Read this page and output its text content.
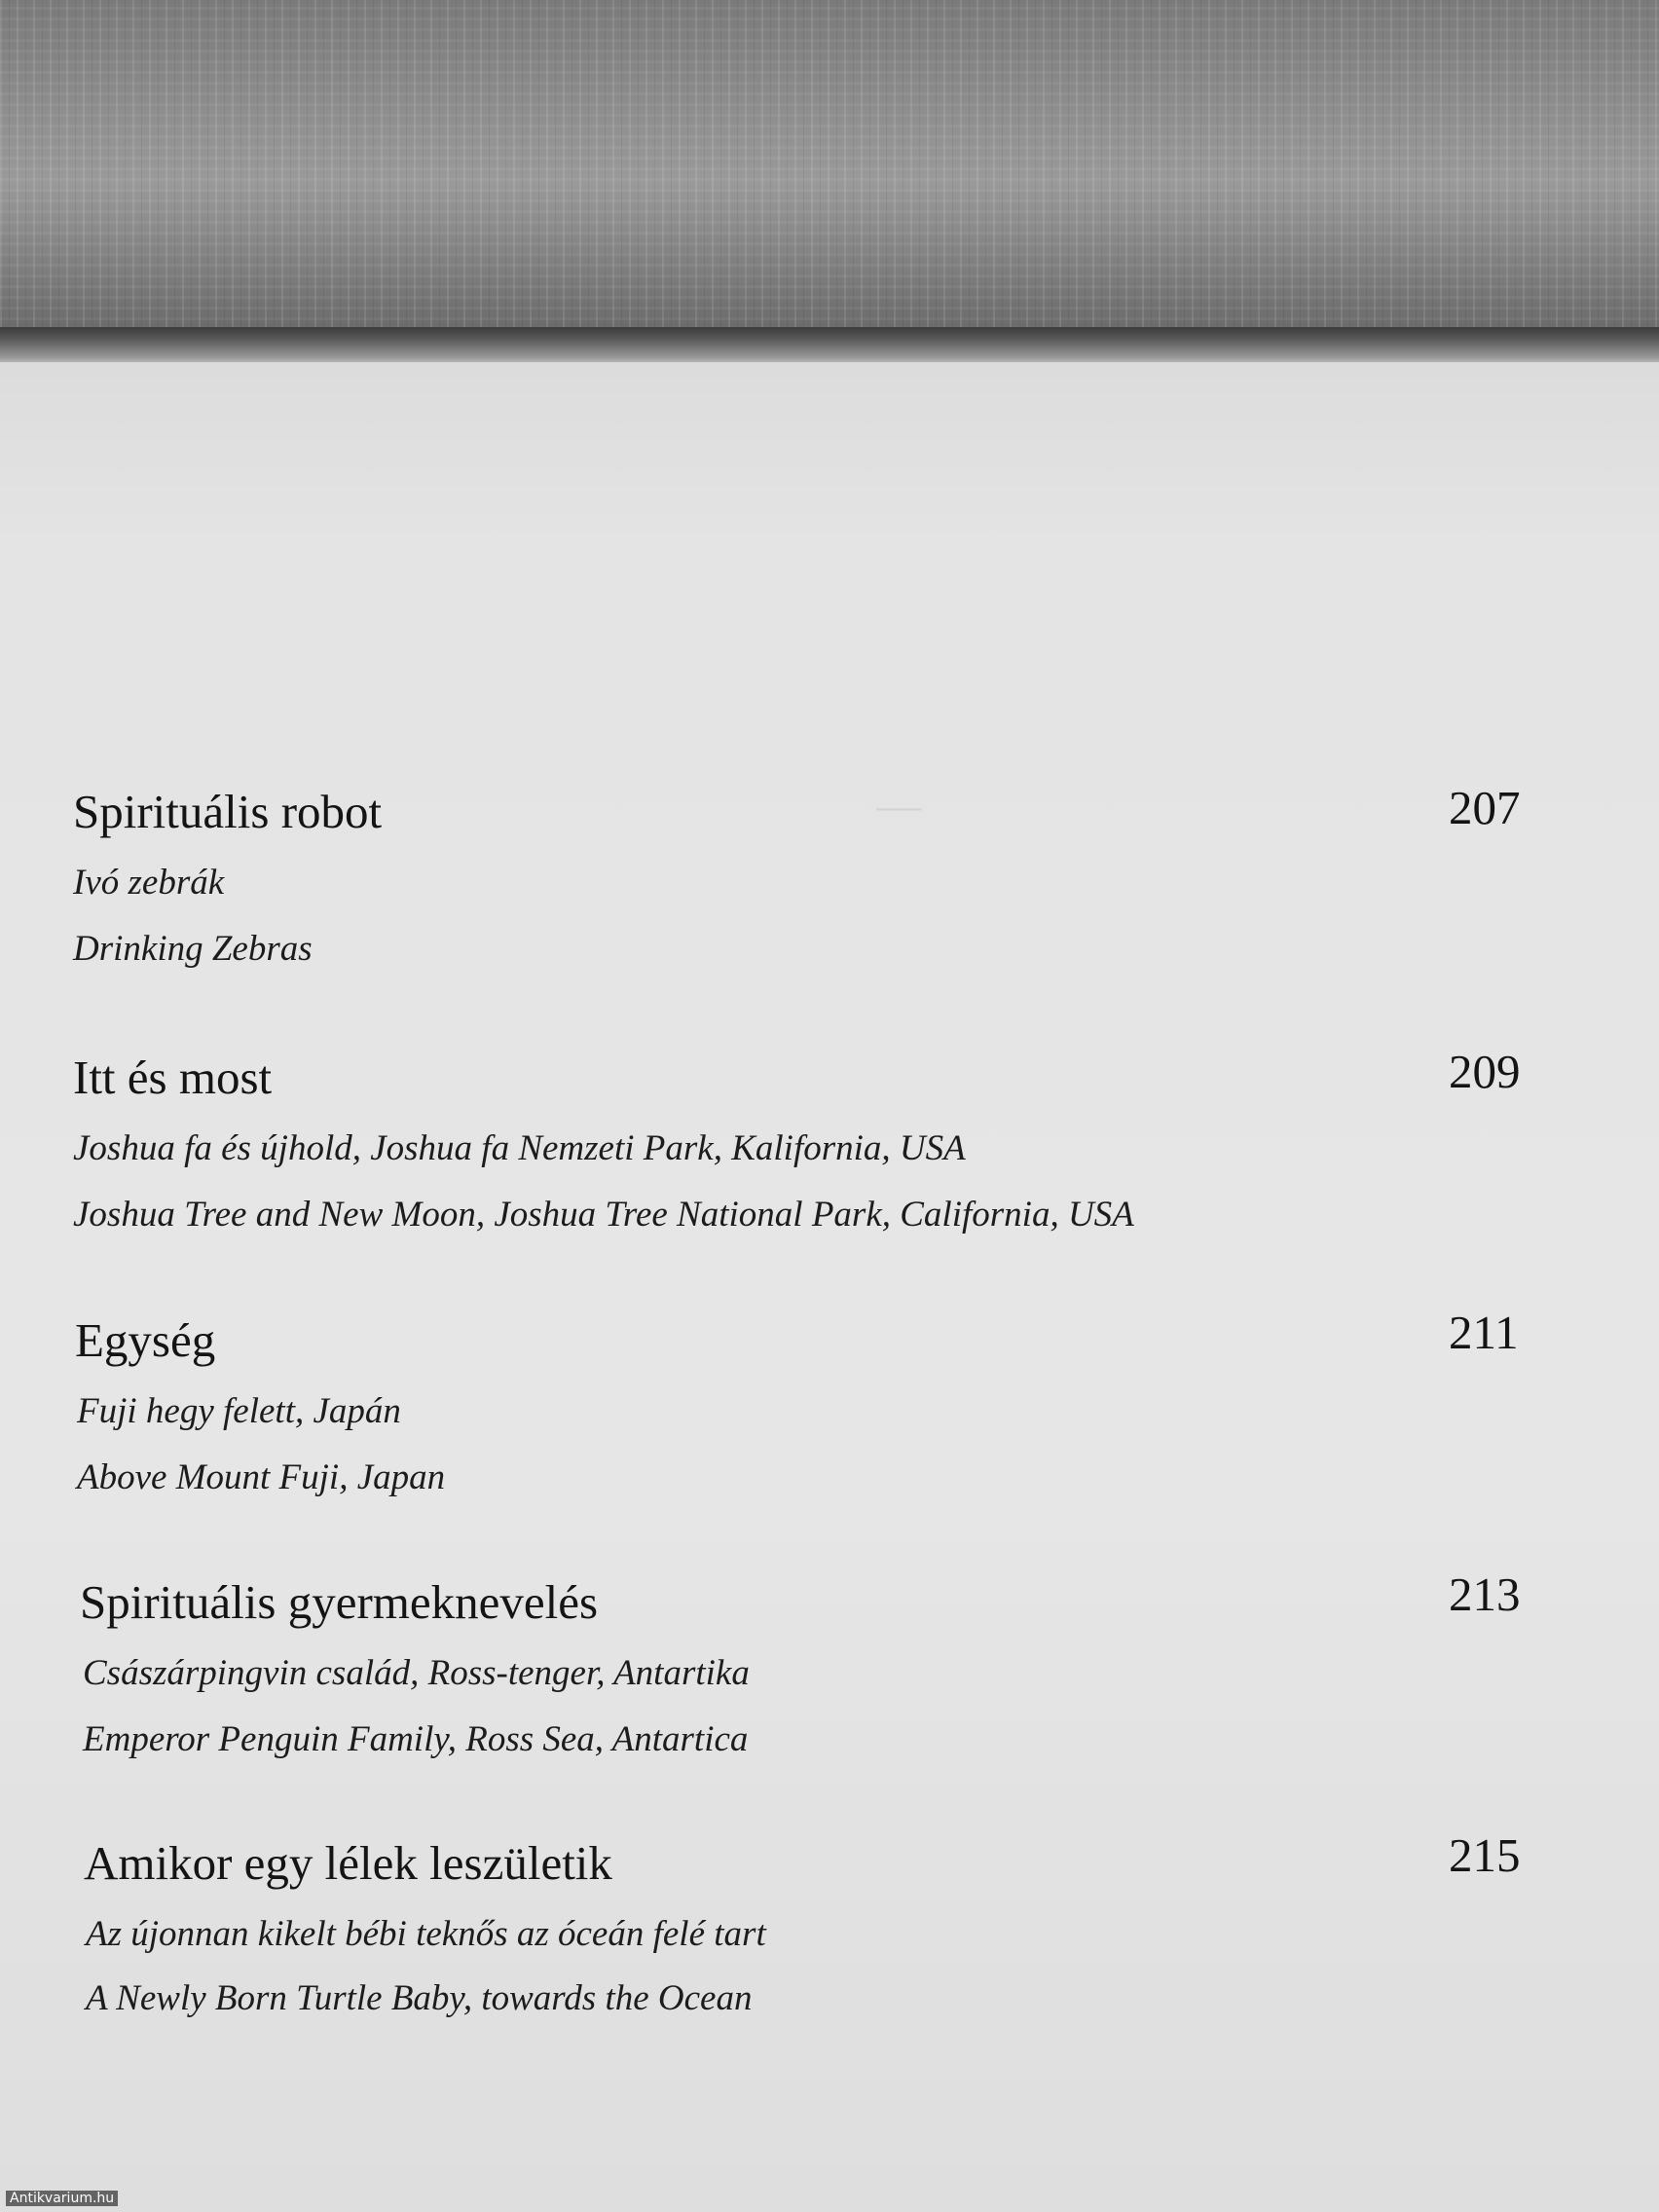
—
Spirituális robot	207
Ivó zebrák
Drinking Zebras
Itt és most	209
Joshua fa és újhold, Joshua fa Nemzeti Park, Kalifornia, USA
Joshua Tree and New Moon, Joshua Tree National Park, California, USA
Egység	211
Fuji hegy felett, Japán
Above Mount Fuji, Japan
Spirituális gyermeknevelés	213
Császárpingvin család, Ross-tenger, Antartika
Emperor Penguin Family, Ross Sea, Antartica
Amikor egy lélek leszületik	215
Az újonnan kikelt bébi teknős az óceán felé tart
A Newly Born Turtle Baby, towards the Ocean
Antikvarium.hu
